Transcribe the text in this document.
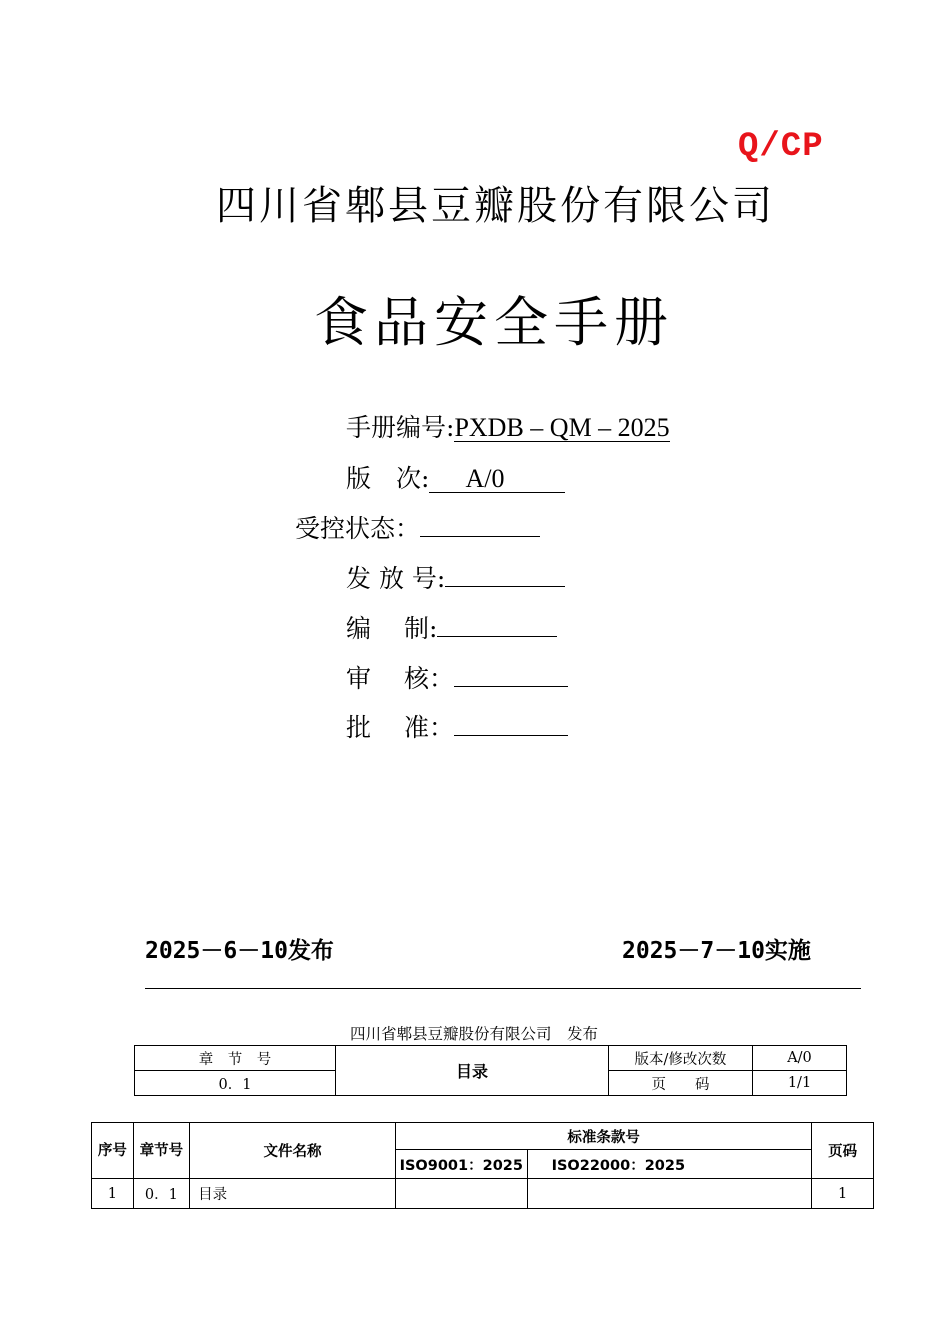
Q/CP
四川省郫县豆瓣股份有限公司
食品安全手册
手册编号:PXDB – QM – 2025
版　次: A/0
受控状态：
发 放 号:
编　 制:
审　 核：
批　 准：
2025－6－10发布	2025－7－10实施
四川省郫县豆瓣股份有限公司　发布
章　节　号	目录	版本/修改次数	A/0
0．1		页　　码	1/1
序号	章节号	文件名称	标准条款号		页码
			ISO9001：2025	ISO22000：2025	
1	0．1	目录			1
